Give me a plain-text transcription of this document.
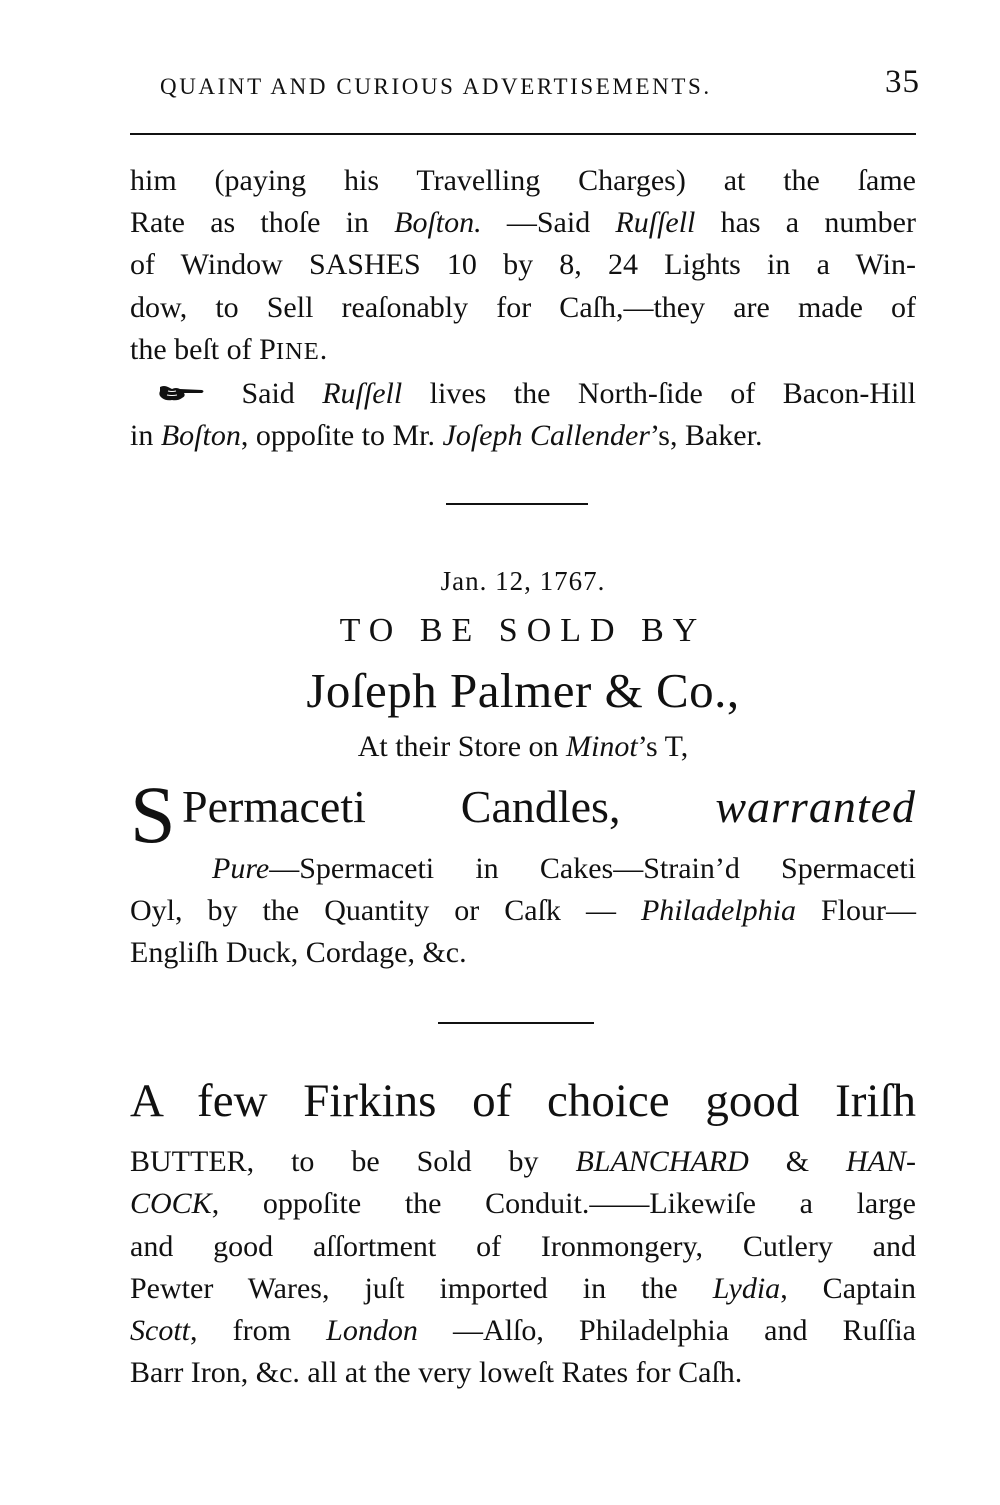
QUAINT AND CURIOUS ADVERTISEMENTS.	35
him (paying his Travelling Charges) at the ſame
Rate as thoſe in Boſton. —Said Ruſſell has a number
of Window SASHES 10 by 8, 24 Lights in a Win-
dow, to Sell reaſonably for Caſh,—they are made of
the beſt of PINE.
Said Ruſſell lives the North-ſide of Bacon-Hill
in Boſton, oppoſite to Mr. Joſeph Callender’s, Baker.
Jan. 12, 1767.
TO BE SOLD BY
Joſeph Palmer & Co.,
At their Store on Minot’s T,
S Permaceti Candles, warranted
Pure—Spermaceti in Cakes—Strain’d Spermaceti
Oyl, by the Quantity or Caſk — Philadelphia Flour—
Engliſh Duck, Cordage, &c.
A few Firkins of choice good Iriſh
BUTTER, to be Sold by BLANCHARD & HAN-
COCK, oppoſite the Conduit.——Likewiſe a large
and good aſſortment of Ironmongery, Cutlery and
Pewter Wares, juſt imported in the Lydia, Captain
Scott, from London —Alſo, Philadelphia and Ruſſia
Barr Iron, &c. all at the very loweſt Rates for Caſh.
